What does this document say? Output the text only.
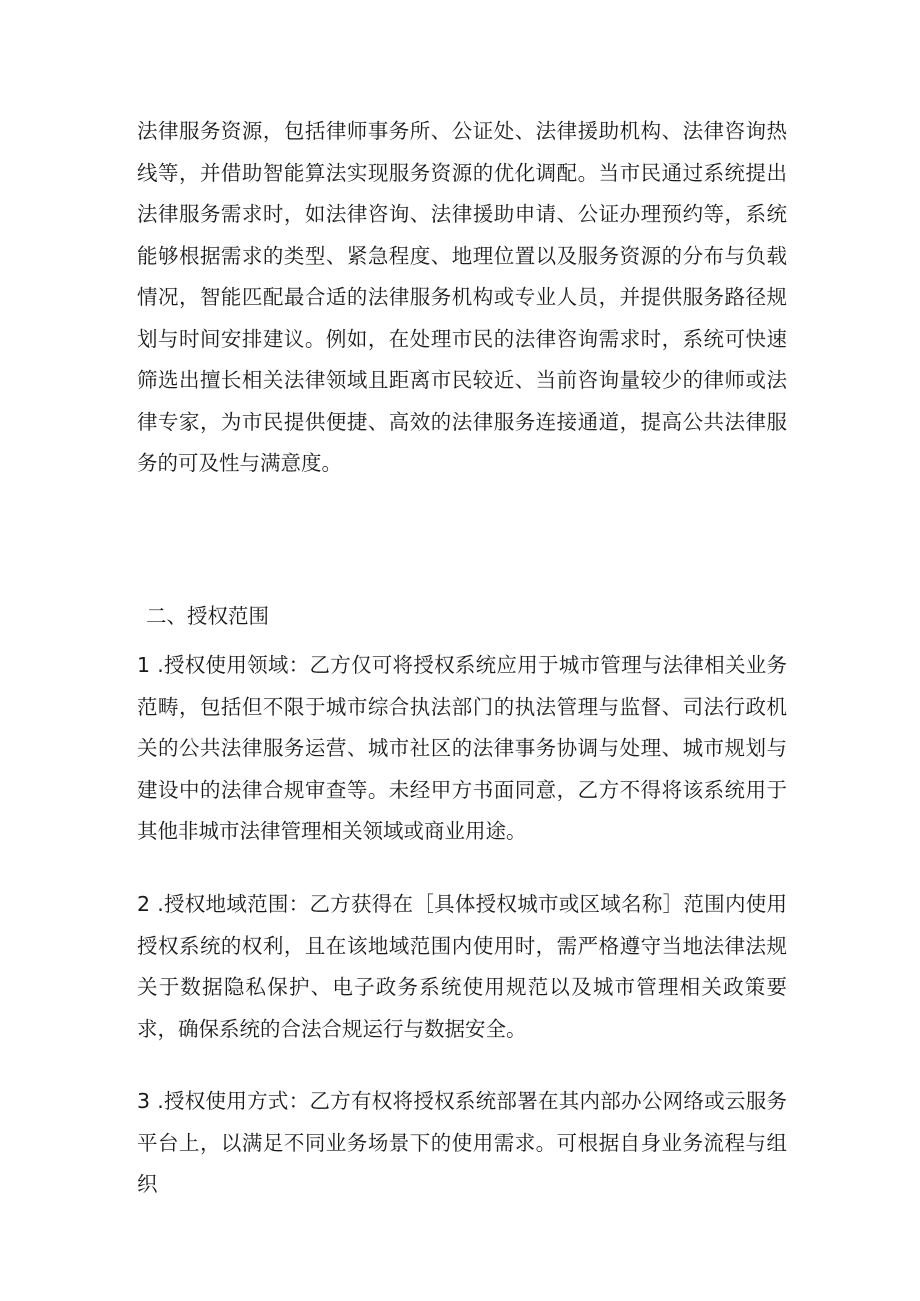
法律服务资源，包括律师事务所、公证处、法律援助机构、法律咨询热线等，并借助智能算法实现服务资源的优化调配。当市民通过系统提出法律服务需求时，如法律咨询、法律援助申请、公证办理预约等，系统能够根据需求的类型、紧急程度、地理位置以及服务资源的分布与负载情况，智能匹配最合适的法律服务机构或专业人员，并提供服务路径规划与时间安排建议。例如，在处理市民的法律咨询需求时，系统可快速筛选出擅长相关法律领域且距离市民较近、当前咨询量较少的律师或法律专家，为市民提供便捷、高效的法律服务连接通道，提高公共法律服务的可及性与满意度。

二、授权范围

1 .授权使用领域：乙方仅可将授权系统应用于城市管理与法律相关业务范畴，包括但不限于城市综合执法部门的执法管理与监督、司法行政机关的公共法律服务运营、城市社区的法律事务协调与处理、城市规划与建设中的法律合规审查等。未经甲方书面同意，乙方不得将该系统用于其他非城市法律管理相关领域或商业用途。

2 .授权地域范围：乙方获得在［具体授权城市或区域名称］范围内使用授权系统的权利，且在该地域范围内使用时，需严格遵守当地法律法规关于数据隐私保护、电子政务系统使用规范以及城市管理相关政策要求，确保系统的合法合规运行与数据安全。

3 .授权使用方式：乙方有权将授权系统部署在其内部办公网络或云服务平台上，以满足不同业务场景下的使用需求。可根据自身业务流程与组织
